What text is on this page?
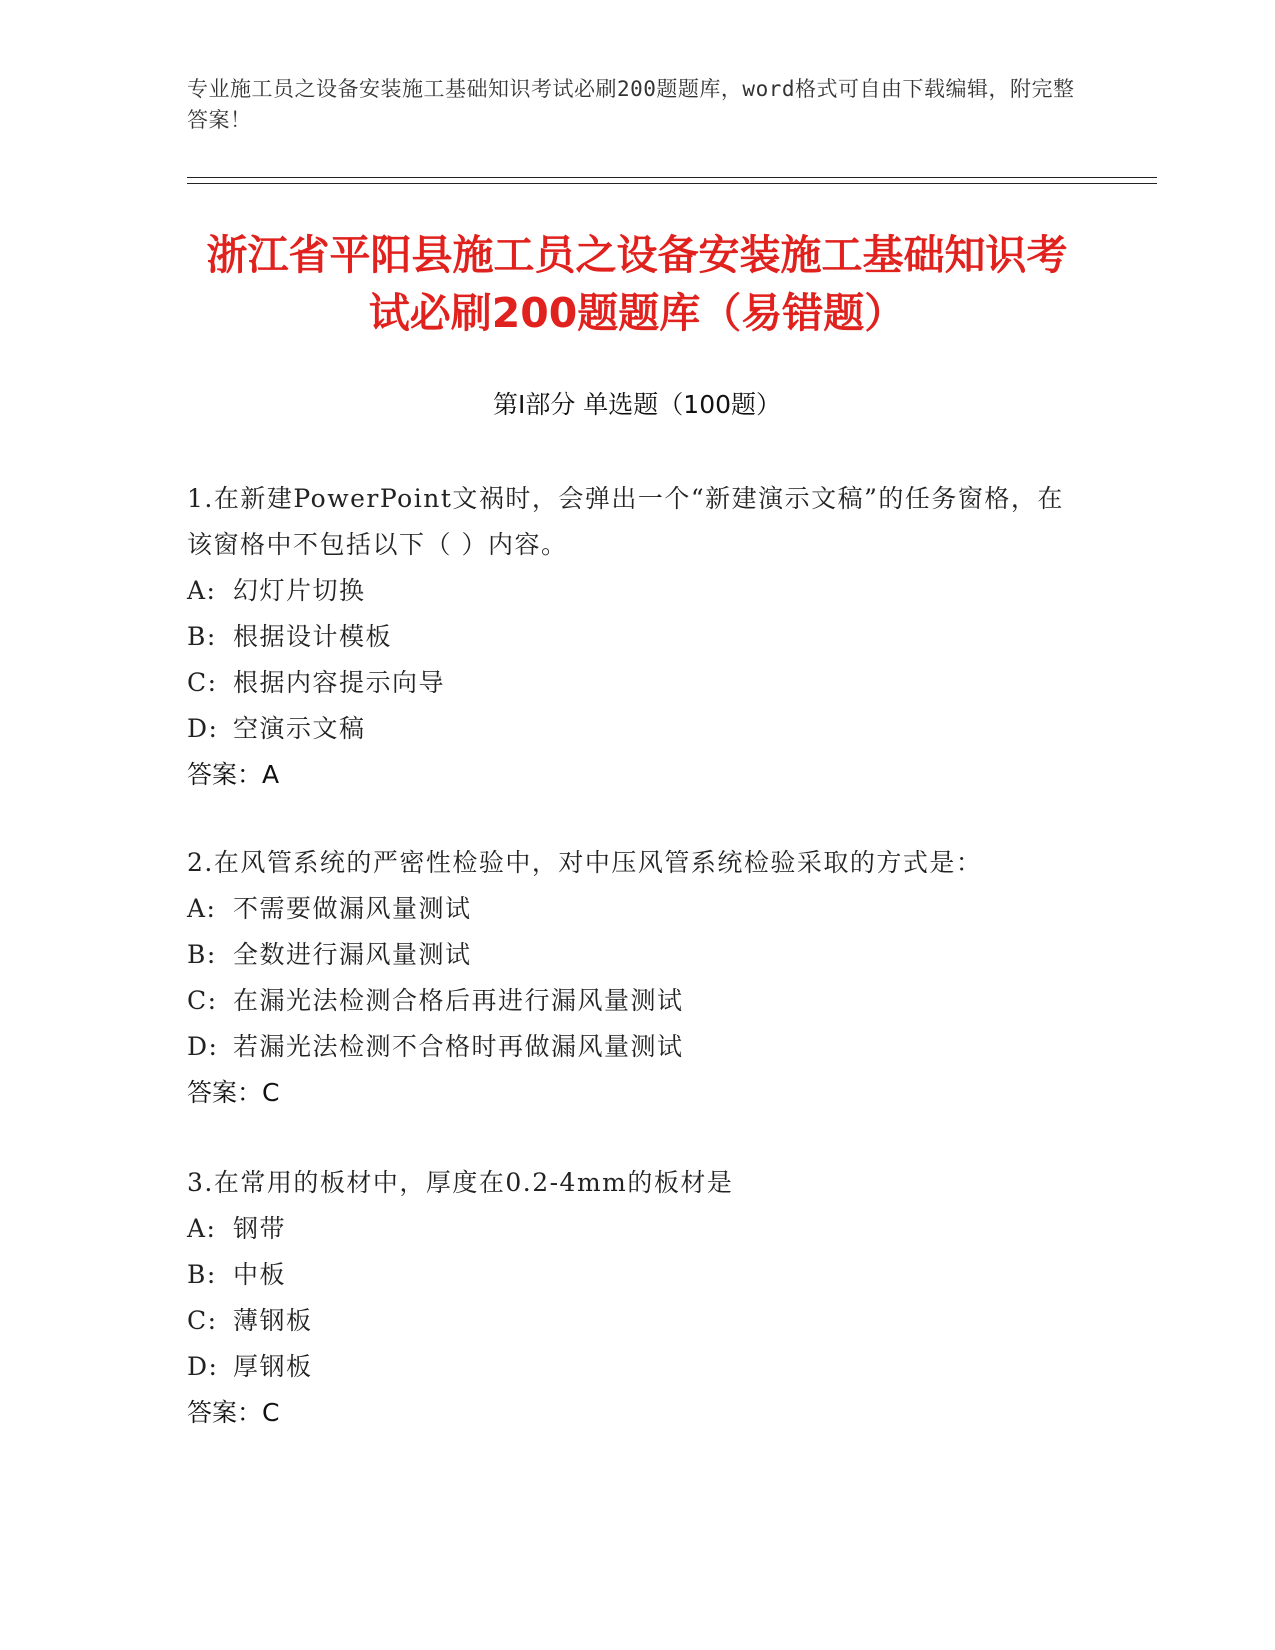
专业施工员之设备安装施工基础知识考试必刷200题题库，word格式可自由下载编辑，附完整答案！
浙江省平阳县施工员之设备安装施工基础知识考试必刷200题题库（易错题）
第Ⅰ部分 单选题（100题）
1.在新建PowerPoint文祸时，会弹出一个“新建演示文稿”的任务窗格，在该窗格中不包括以下（ ）内容。
A: 幻灯片切换
B: 根据设计模板
C: 根据内容提示向导
D: 空演示文稿
答案：A
2.在风管系统的严密性检验中，对中压风管系统检验采取的方式是：
A: 不需要做漏风量测试
B: 全数进行漏风量测试
C: 在漏光法检测合格后再进行漏风量测试
D: 若漏光法检测不合格时再做漏风量测试
答案：C
3.在常用的板材中，厚度在0.2-4mm的板材是
A: 钢带
B: 中板
C: 薄钢板
D: 厚钢板
答案：C
